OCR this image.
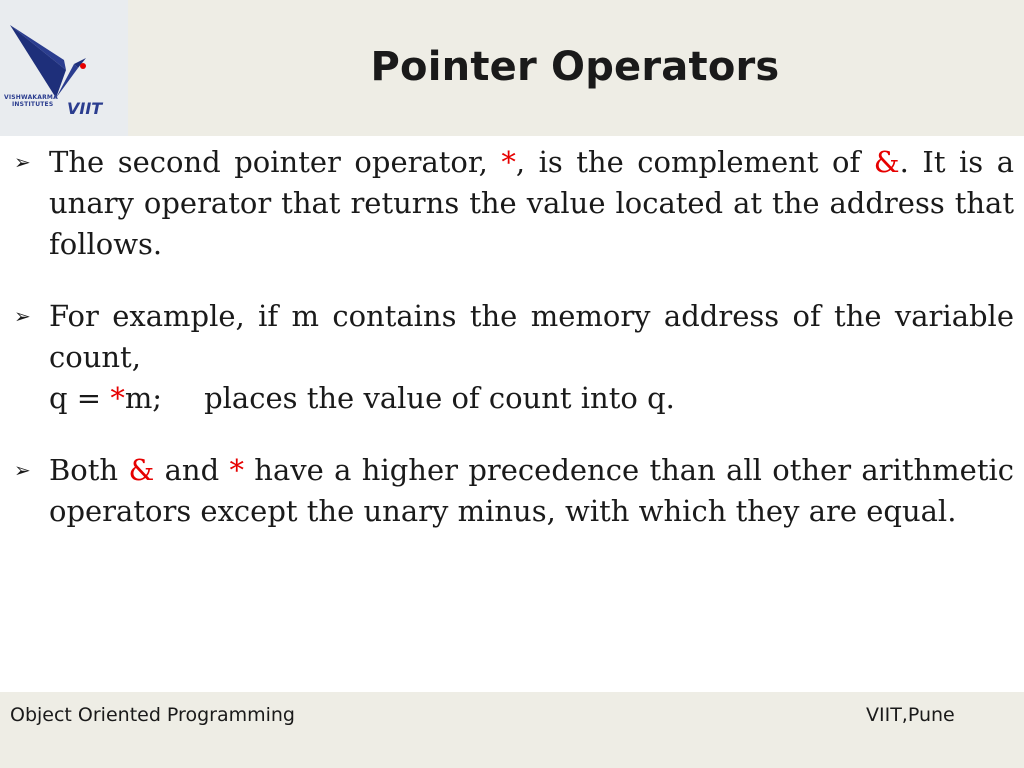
VISHWAKARMA
INSTITUTES VIIT
Pointer Operators
➢ The second pointer operator, *, is the complement of &. It is a unary operator that returns the value located at the address that follows.
➢ For example, if m contains the memory address of the variable count,
q = *m; places the value of count into q.
➢ Both & and * have a higher precedence than all other arithmetic operators except the unary minus, with which they are equal.
Object Oriented Programming	VIIT,Pune
